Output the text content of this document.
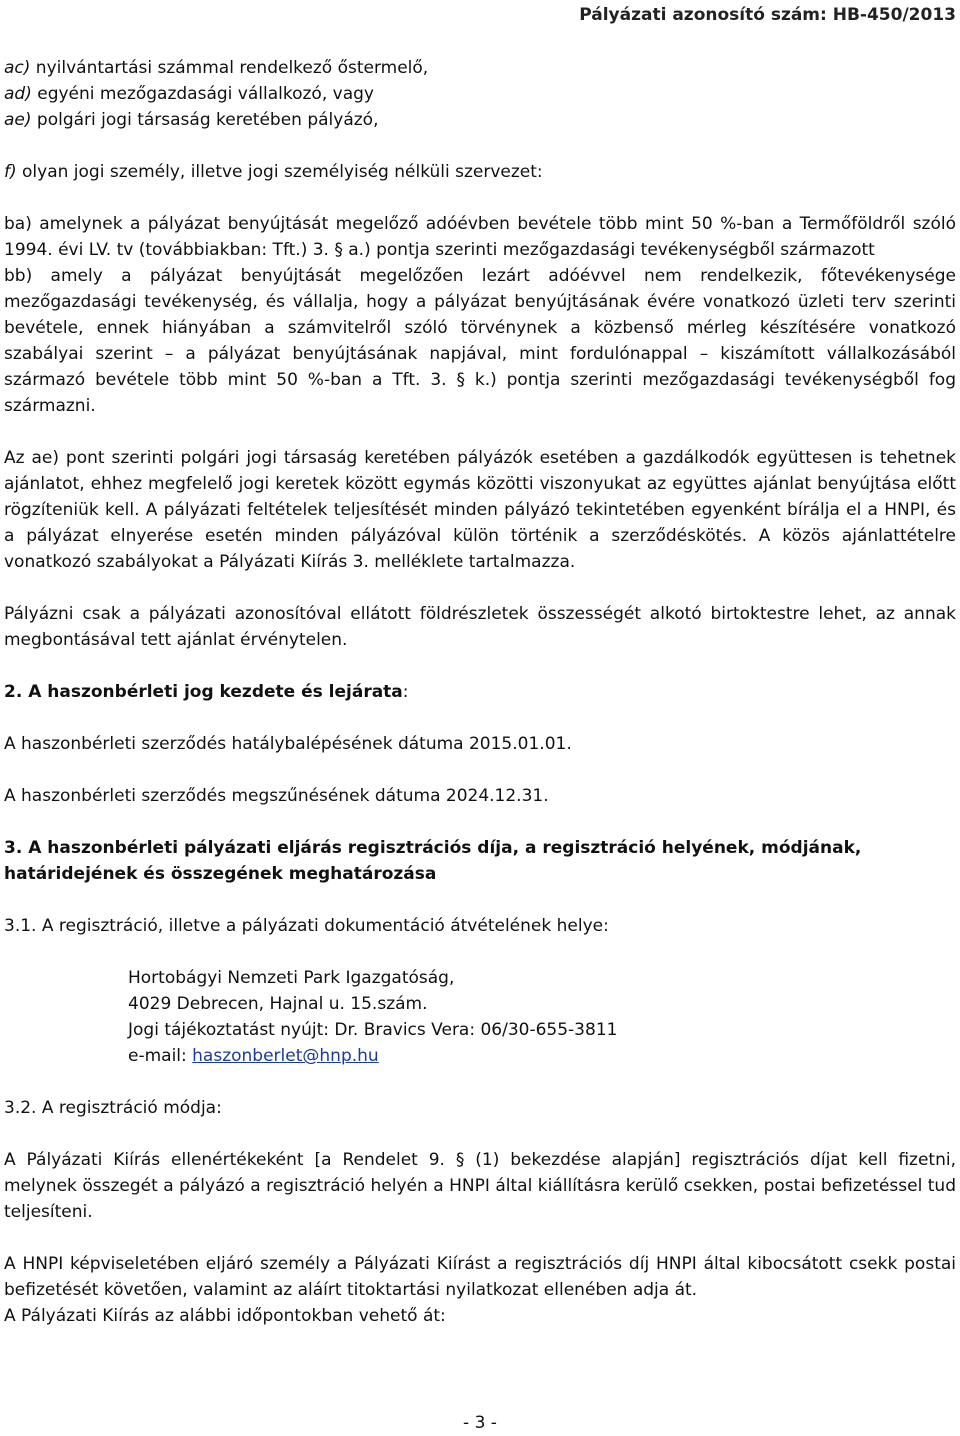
Pályázati azonosító szám: HB-450/2013

ac) nyilvántartási számmal rendelkező őstermelő,

ad) egyéni mezőgazdasági vállalkozó, vagy

ae) polgári jogi társaság keretében pályázó,

f) olyan jogi személy, illetve jogi személyiség nélküli szervezet:

ba) amelynek a pályázat benyújtását megelőző adóévben bevétele több mint 50 %-ban a Termőföldről szóló 1994. évi LV. tv (továbbiakban: Tft.) 3. § a.) pontja szerinti mezőgazdasági tevékenységből származott

bb) amely a pályázat benyújtását megelőzően lezárt adóévvel nem rendelkezik, főtevékenysége mezőgazdasági tevékenység, és vállalja, hogy a pályázat benyújtásának évére vonatkozó üzleti terv szerinti bevétele, ennek hiányában a számvitelről szóló törvénynek a közbenső mérleg készítésére vonatkozó szabályai szerint – a pályázat benyújtásának napjával, mint fordulónappal – kiszámított vállalkozásából származó bevétele több mint 50 %-ban a Tft. 3. § k.) pontja szerinti mezőgazdasági tevékenységből fog származni.

Az ae) pont szerinti polgári jogi társaság keretében pályázók esetében a gazdálkodók együttesen is tehetnek ajánlatot, ehhez megfelelő jogi keretek között egymás közötti viszonyukat az együttes ajánlat benyújtása előtt rögzíteniük kell. A pályázati feltételek teljesítését minden pályázó tekintetében egyenként bírálja el a HNPI, és a pályázat elnyerése esetén minden pályázóval külön történik a szerződéskötés. A közös ajánlattételre vonatkozó szabályokat a Pályázati Kiírás 3. melléklete tartalmazza.

Pályázni csak a pályázati azonosítóval ellátott földrészletek összességét alkotó birtoktestre lehet, az annak megbontásával tett ajánlat érvénytelen.

2. A haszonbérleti jog kezdete és lejárata:

A haszonbérleti szerződés hatálybalépésének dátuma 2015.01.01.

A haszonbérleti szerződés megszűnésének dátuma 2024.12.31.

3. A haszonbérleti pályázati eljárás regisztrációs díja, a regisztráció helyének, módjának, határidejének és összegének meghatározása

3.1. A regisztráció, illetve a pályázati dokumentáció átvételének helye:

Hortobágyi Nemzeti Park Igazgatóság,

4029 Debrecen, Hajnal u. 15.szám.

Jogi tájékoztatást nyújt: Dr. Bravics Vera: 06/30-655-3811

e-mail: haszonberlet@hnp.hu

3.2. A regisztráció módja:

A Pályázati Kiírás ellenértékeként [a Rendelet 9. § (1) bekezdése alapján] regisztrációs díjat kell fizetni, melynek összegét a pályázó a regisztráció helyén a HNPI által kiállításra kerülő csekken, postai befizetéssel tud teljesíteni.

A HNPI képviseletében eljáró személy a Pályázati Kiírást a regisztrációs díj HNPI által kibocsátott csekk postai befizetését követően, valamint az aláírt titoktartási nyilatkozat ellenében adja át.

A Pályázati Kiírás az alábbi időpontokban vehető át:

- 3 -
